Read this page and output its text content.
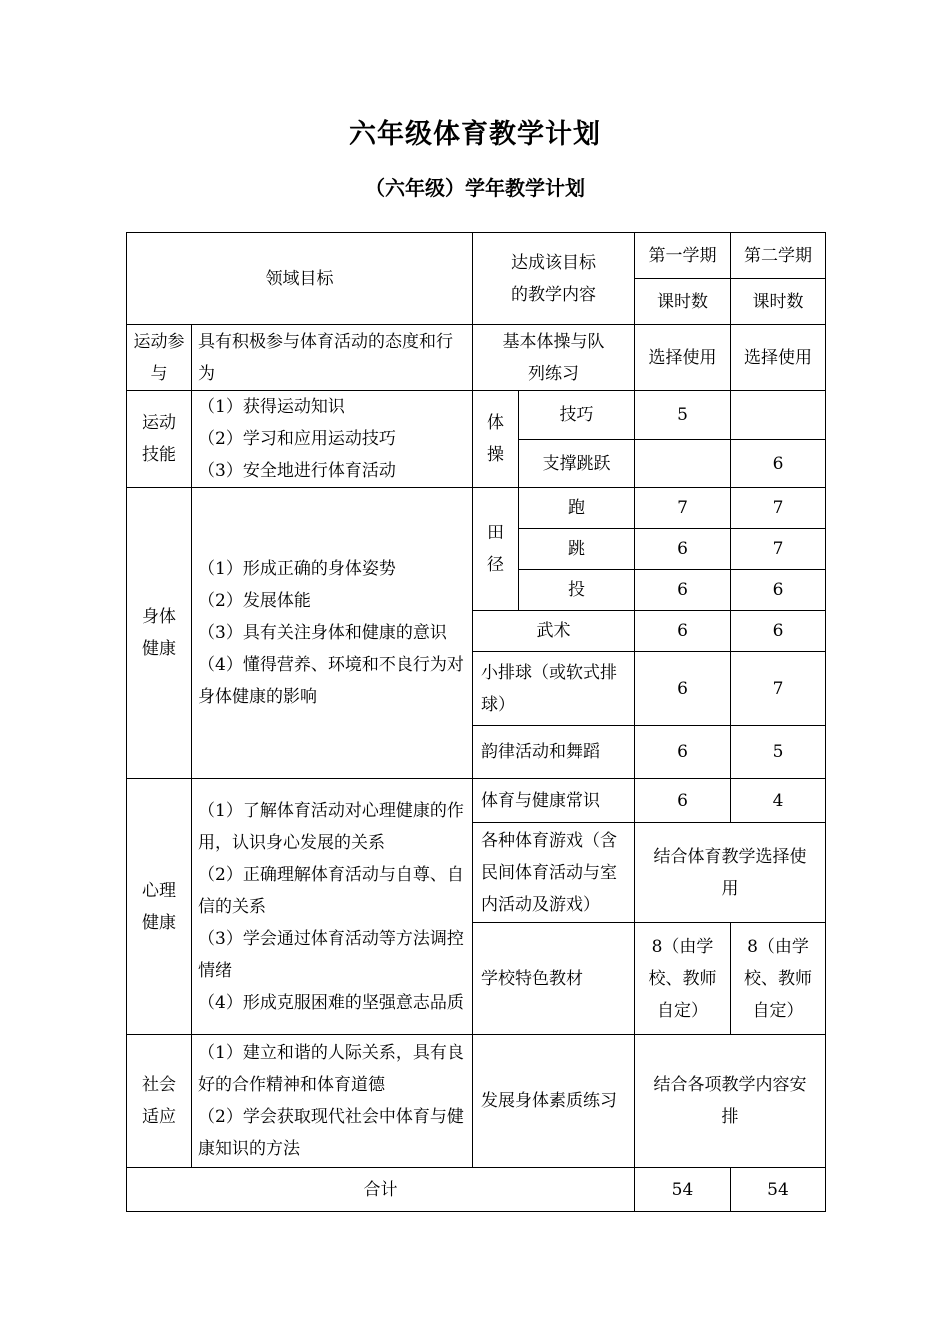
六年级体育教学计划
（六年级）学年教学计划
领域目标		达成该目标
的教学内容		第一学期	第二学期
				课时数	课时数
运动参与	具有积极参与体育活动的态度和行为	基本体操与队列练习		选择使用	选择使用
运动技能	（1）获得运动知识
（2）学习和应用运动技巧
（3）安全地进行体育活动	体操	技巧	5	
			支撑跳跃		6
身体健康	（1）形成正确的身体姿势
（2）发展体能
（3）具有关注身体和健康的意识
（4）懂得营养、环境和不良行为对身体健康的影响	田径	跑	7	7
			跳	6	7
			投	6	6
		武术		6	6
		小排球（或软式排球）		6	7
		韵律活动和舞蹈		6	5
心理健康	（1）了解体育活动对心理健康的作用，认识身心发展的关系
（2）正确理解体育活动与自尊、自信的关系
（3）学会通过体育活动等方法调控情绪
（4）形成克服困难的坚强意志品质	体育与健康常识		6	4
		各种体育游戏（含民间体育活动与室内活动及游戏）		结合体育教学选择使用	
		学校特色教材		8（由学校、教师自定）	8（由学校、教师自定）
社会适应	（1）建立和谐的人际关系，具有良好的合作精神和体育道德
（2）学会获取现代社会中体育与健康知识的方法	发展身体素质练习		结合各项教学内容安排	
合计				54	54
